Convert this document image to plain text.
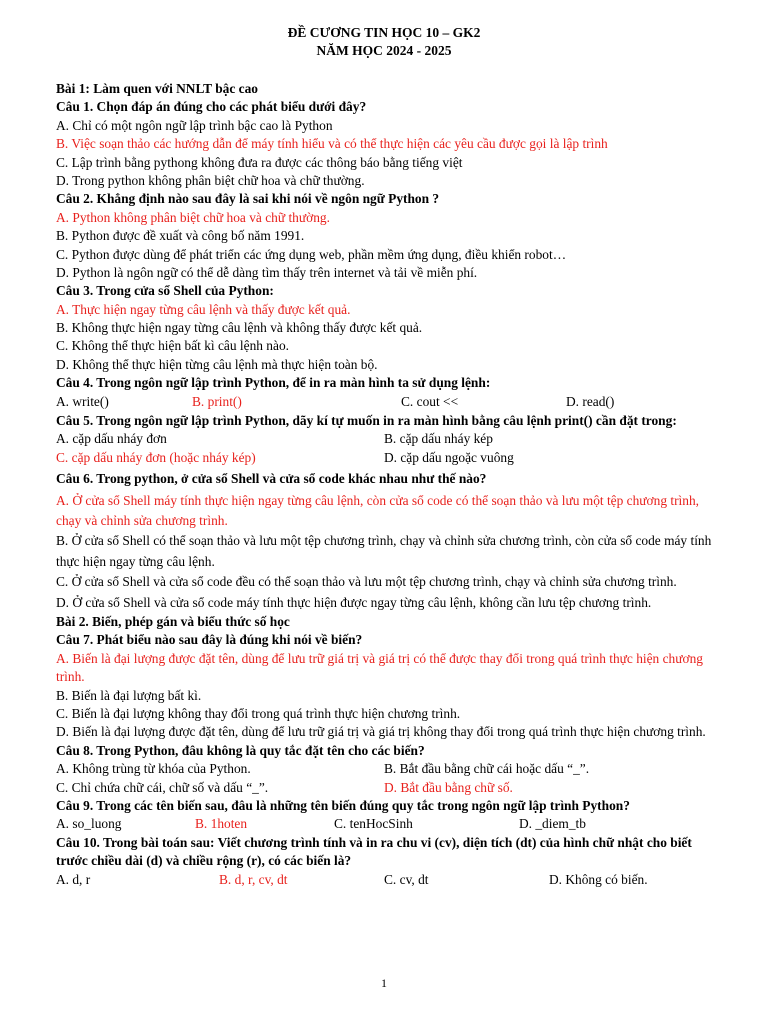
ĐỀ CƯƠNG TIN HỌC 10 – GK2
NĂM HỌC 2024 - 2025
Bài 1: Làm quen với NNLT bậc cao
Câu 1. Chọn đáp án đúng cho các phát biểu dưới đây?
A. Chỉ có một ngôn ngữ lập trình bậc cao là Python
B. Việc soạn thảo các hướng dẫn để máy tính hiểu và có thể thực hiện các yêu cầu được gọi là lập trình
C. Lập trình bằng pythong không đưa ra được các thông báo bằng tiếng việt
D. Trong python không phân biệt chữ hoa và chữ thường.
Câu 2. Khẳng định nào sau đây là sai khi nói về ngôn ngữ Python ?
A. Python không phân biệt chữ hoa và chữ thường.
B. Python được đề xuất và công bố năm 1991.
C. Python được dùng để phát triển các ứng dụng web, phần mềm ứng dụng, điều khiển robot…
D. Python là ngôn ngữ có thể dễ dàng tìm thấy trên internet và tải về miễn phí.
Câu 3. Trong cửa sổ Shell của Python:
A. Thực hiện ngay từng câu lệnh và thấy được kết quả.
B. Không thực hiện ngay từng câu lệnh và không thấy được kết quả.
C. Không thể thực hiện bất kì câu lệnh nào.
D. Không thể thực hiện từng câu lệnh mà thực hiện toàn bộ.
Câu 4. Trong ngôn ngữ lập trình Python, để in ra màn hình ta sử dụng lệnh:
A. write()	B. print()	C. cout <<	D. read()
Câu 5. Trong ngôn ngữ lập trình Python, dãy kí tự muốn in ra màn hình bằng câu lệnh print() cần đặt trong:
A. cặp dấu nháy đơn	B. cặp dấu nháy kép
C. cặp dấu nháy đơn (hoặc nháy kép)	D. cặp dấu ngoặc vuông
Câu 6. Trong python, ở cửa sổ Shell và cửa sổ code khác nhau như thế nào?
A. Ở cửa sổ Shell máy tính thực hiện ngay từng câu lệnh, còn cửa sổ code có thể soạn thảo và lưu một tệp chương trình, chạy và chỉnh sửa chương trình.
B. Ở cửa sổ Shell có thể soạn thảo và lưu một tệp chương trình, chạy và chỉnh sửa chương trình, còn cửa sổ code máy tính thực hiện ngay từng câu lệnh.
C. Ở cửa sổ Shell và cửa sổ code đều có thể soạn thảo và lưu một tệp chương trình, chạy và chỉnh sửa chương trình.
D. Ở cửa sổ Shell và cửa sổ code máy tính thực hiện được ngay từng câu lệnh, không cần lưu tệp chương trình.
Bài 2. Biến, phép gán và biểu thức số học
Câu 7. Phát biểu nào sau đây là đúng khi nói về biến?
A. Biến là đại lượng được đặt tên, dùng để lưu trữ giá trị và giá trị có thể được thay đổi trong quá trình thực hiện chương trình.
B. Biến là đại lượng bất kì.
C. Biến là đại lượng không thay đổi trong quá trình thực hiện chương trình.
D. Biến là đại lượng được đặt tên, dùng để lưu trữ giá trị và giá trị không thay đổi trong quá trình thực hiện chương trình.
Câu 8. Trong Python, đâu không là quy tắc đặt tên cho các biến?
A. Không trùng từ khóa của Python.	B. Bắt đầu bằng chữ cái hoặc dấu “_”.
C. Chỉ chứa chữ cái, chữ số và dấu “_”.	D. Bắt đầu bằng chữ số.
Câu 9. Trong các tên biến sau, đâu là những tên biến đúng quy tắc trong ngôn ngữ lập trình Python?
A. so_luong	B. 1hoten	C. tenHocSinh	D. _diem_tb
Câu 10. Trong bài toán sau: Viết chương trình tính và in ra chu vi (cv), diện tích (dt) của hình chữ nhật cho biết trước chiều dài (d) và chiều rộng (r), có các biến là?
A. d, r	B. d, r, cv, dt	C. cv, dt	D. Không có biến.
1
